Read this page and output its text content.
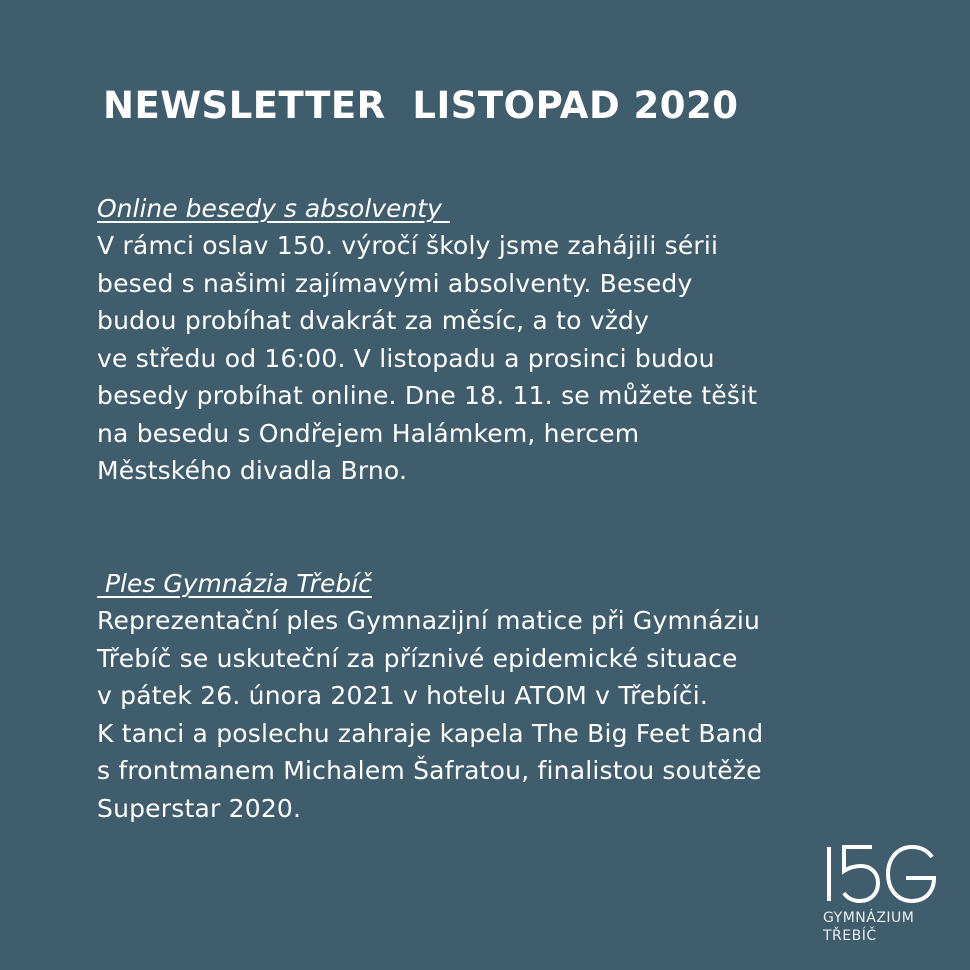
NEWSLETTER  LISTOPAD 2020
Online besedy s absolventy
V rámci oslav 150. výročí školy jsme zahájili sérii
besed s našimi zajímavými absolventy. Besedy
budou probíhat dvakrát za měsíc, a to vždy
ve středu od 16:00. V listopadu a prosinci budou
besedy probíhat online. Dne 18. 11. se můžete těšit
na besedu s Ondřejem Halámkem, hercem
Městského divadla Brno.
Ples Gymnázia Třebíč
Reprezentační ples Gymnazijní matice při Gymnáziu
Třebíč se uskuteční za příznivé epidemické situace
v pátek 26. února 2021 v hotelu ATOM v Třebíči.
K tanci a poslechu zahraje kapela The Big Feet Band
s frontmanem Michalem Šafratou, finalistou soutěže
Superstar 2020.
GYMNÁZIUM
TŘEBÍČ
